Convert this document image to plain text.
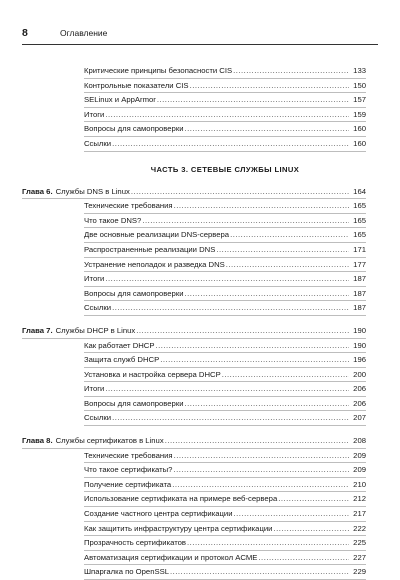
8	Оглавление
Критические принципы безопасности CIS .....	133
Контрольные показатели CIS .....	150
SELinux и AppArmor .....	157
Итоги .....	159
Вопросы для самопроверки .....	160
Ссылки .....	160
ЧАСТЬ 3. СЕТЕВЫЕ СЛУЖБЫ LINUX
Глава 6. Службы DNS в Linux .....	164
Технические требования .....	165
Что такое DNS? .....	165
Две основные реализации DNS-сервера .....	165
Распространенные реализации DNS .....	171
Устранение неполадок и разведка DNS .....	177
Итоги .....	187
Вопросы для самопроверки .....	187
Ссылки .....	187
Глава 7. Службы DHCP в Linux .....	190
Как работает DHCP .....	190
Защита служб DHCP .....	196
Установка и настройка сервера DHCP .....	200
Итоги .....	206
Вопросы для самопроверки .....	206
Ссылки .....	207
Глава 8. Службы сертификатов в Linux .....	208
Технические требования .....	209
Что такое сертификаты? .....	209
Получение сертификата .....	210
Использование сертификата на примере веб-сервера .....	212
Создание частного центра сертификации .....	217
Как защитить инфраструктуру центра сертификации .....	222
Прозрачность сертификатов .....	225
Автоматизация сертификации и протокол ACME .....	227
Шпаргалка по OpenSSL .....	229
